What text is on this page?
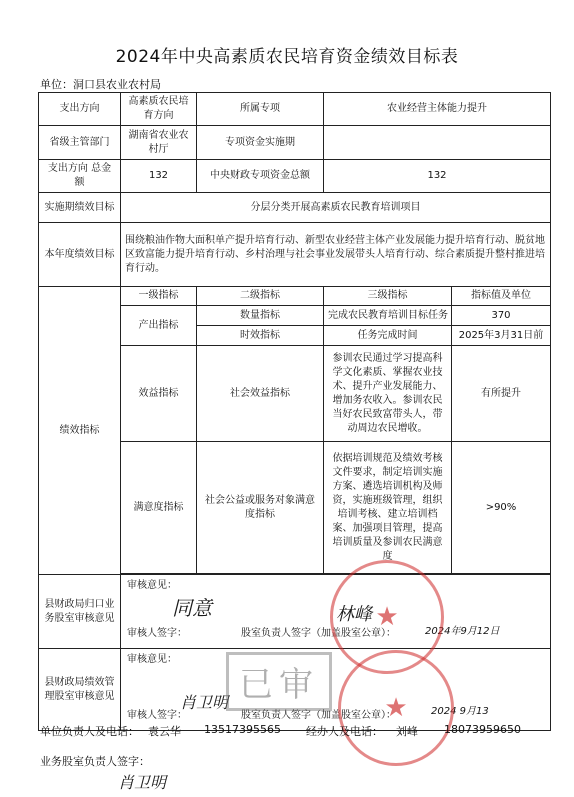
2024年中央高素质农民培育资金绩效目标表
单位：洞口县农业农村局
支出方向	高素质农民培育方向	所属专项	农业经营主体能力提升	
省级主管部门	湖南省农业农村厅	专项资金实施期		
支出方向 总金额	132	中央财政专项资金总额	132	
实施期绩效目标	分层分类开展高素质农民教育培训项目			
本年度绩效目标	围绕粮油作物大面积单产提升培育行动、新型农业经营主体产业发展能力提升培育行动、脱贫地区致富能力提升培育行动、乡村治理与社会事业发展带头人培育行动、综合素质提升整村推进培育行动。			
绩效指标	一级指标	二级指标	三级指标	指标值及单位
	产出指标	数量指标	完成农民教育培训目标任务	370
		时效指标	任务完成时间	2025年3月31日前
	效益指标	社会效益指标	参训农民通过学习提高科学文化素质、掌握农业技术、提升产业发展能力、增加务农收入。参训农民当好农民致富带头人，带动周边农民增收。	有所提升
	满意度指标	社会公益或服务对象满意度指标	依据培训规范及绩效考核文件要求，制定培训实施方案、遴选培训机构及师资，实施班级管理，组织培训考核、建立培训档案、加强项目管理，提高培训质量及参训农民满意度	>90%

县财政局归口业务股室审核意见	审核意见：
审核人签字： 股室负责人签字（加盖股室公章）： 2024年9月12日			

县财政局绩效管理股室审核意见	审核意见：
审核人签字： 股室负责人签字（加盖股室公章）： 2024 9月13			
同意	林峰
肖卫明
肖卫明
已审
★
★
单位负责人及电话： 袁云华 13517395565 经办人及电话： 刘峰 18073959650
业务股室负责人签字：
